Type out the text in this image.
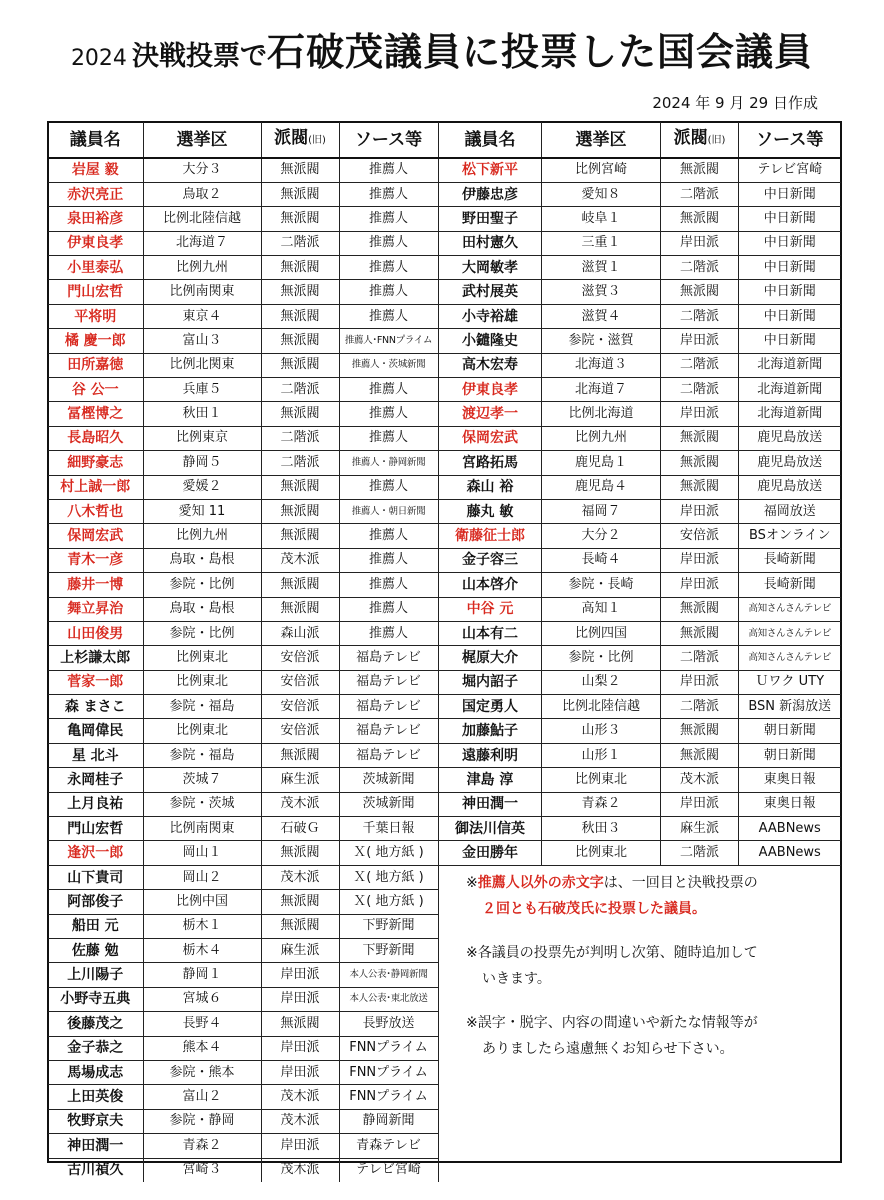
2024 決戦投票で石破茂議員に投票した国会議員
2024 年 9 月 29 日作成
議員名	選挙区	派閥(旧)	ソース等
岩屋 毅	大分３	無派閥	推薦人
赤沢亮正	鳥取２	無派閥	推薦人
泉田裕彦	比例北陸信越	無派閥	推薦人
伊東良孝	北海道７	二階派	推薦人
小里泰弘	比例九州	無派閥	推薦人
門山宏哲	比例南関東	無派閥	推薦人
平将明	東京４	無派閥	推薦人
橘 慶一郎	富山３	無派閥	推薦人･FNNプライム
田所嘉徳	比例北関東	無派閥	推薦人・茨城新聞
谷 公一	兵庫５	二階派	推薦人
冨樫博之	秋田１	無派閥	推薦人
長島昭久	比例東京	二階派	推薦人
細野豪志	静岡５	二階派	推薦人・静岡新聞
村上誠一郎	愛媛２	無派閥	推薦人
八木哲也	愛知 11	無派閥	推薦人・朝日新聞
保岡宏武	比例九州	無派閥	推薦人
青木一彦	鳥取・島根	茂木派	推薦人
藤井一博	参院・比例	無派閥	推薦人
舞立昇治	鳥取・島根	無派閥	推薦人
山田俊男	参院・比例	森山派	推薦人
上杉謙太郎	比例東北	安倍派	福島テレビ
菅家一郎	比例東北	安倍派	福島テレビ
森 まさこ	参院・福島	安倍派	福島テレビ
亀岡偉民	比例東北	安倍派	福島テレビ
星 北斗	参院・福島	無派閥	福島テレビ
永岡桂子	茨城７	麻生派	茨城新聞
上月良祐	参院・茨城	茂木派	茨城新聞
門山宏哲	比例南関東	石破Ｇ	千葉日報
逢沢一郎	岡山１	無派閥	Ｘ( 地方紙 )
山下貴司	岡山２	茂木派	Ｘ( 地方紙 )
阿部俊子	比例中国	無派閥	Ｘ( 地方紙 )
船田 元	栃木１	無派閥	下野新聞
佐藤 勉	栃木４	麻生派	下野新聞
上川陽子	静岡１	岸田派	本人公表･静岡新聞
小野寺五典	宮城６	岸田派	本人公表･東北放送
後藤茂之	長野４	無派閥	長野放送
金子恭之	熊本４	岸田派	FNNプライム
馬場成志	参院・熊本	岸田派	FNNプライム
上田英俊	富山２	茂木派	FNNプライム
牧野京夫	参院・静岡	茂木派	静岡新聞
神田潤一	青森２	岸田派	青森テレビ
古川禎久	宮崎３	茂木派	テレビ宮崎
議員名	選挙区	派閥(旧)	ソース等
松下新平	比例宮崎	無派閥	テレビ宮崎
伊藤忠彦	愛知８	二階派	中日新聞
野田聖子	岐阜１	無派閥	中日新聞
田村憲久	三重１	岸田派	中日新聞
大岡敏孝	滋賀１	二階派	中日新聞
武村展英	滋賀３	無派閥	中日新聞
小寺裕雄	滋賀４	二階派	中日新聞
小鑓隆史	参院・滋賀	岸田派	中日新聞
高木宏寿	北海道３	二階派	北海道新聞
伊東良孝	北海道７	二階派	北海道新聞
渡辺孝一	比例北海道	岸田派	北海道新聞
保岡宏武	比例九州	無派閥	鹿児島放送
宮路拓馬	鹿児島１	無派閥	鹿児島放送
森山 裕	鹿児島４	無派閥	鹿児島放送
藤丸 敏	福岡７	岸田派	福岡放送
衛藤征士郎	大分２	安倍派	BSオンライン
金子容三	長崎４	岸田派	長崎新聞
山本啓介	参院・長崎	岸田派	長崎新聞
中谷 元	高知１	無派閥	高知さんさんテレビ
山本有二	比例四国	無派閥	高知さんさんテレビ
梶原大介	参院・比例	二階派	高知さんさんテレビ
堀内詔子	山梨２	岸田派	Ｕワク UTY
国定勇人	比例北陸信越	二階派	BSN 新潟放送
加藤鮎子	山形３	無派閥	朝日新聞
遠藤利明	山形１	無派閥	朝日新聞
津島 淳	比例東北	茂木派	東奥日報
神田潤一	青森２	岸田派	東奥日報
御法川信英	秋田３	麻生派	AABNews
金田勝年	比例東北	二階派	AABNews

※推薦人以外の赤文字は、一回目と決戦投票の
２回とも石破茂氏に投票した議員。

※各議員の投票先が判明し次第、随時追加して
いきます。

※誤字・脱字、内容の間違いや新たな情報等が
ありましたら遠慮無くお知らせ下さい。
